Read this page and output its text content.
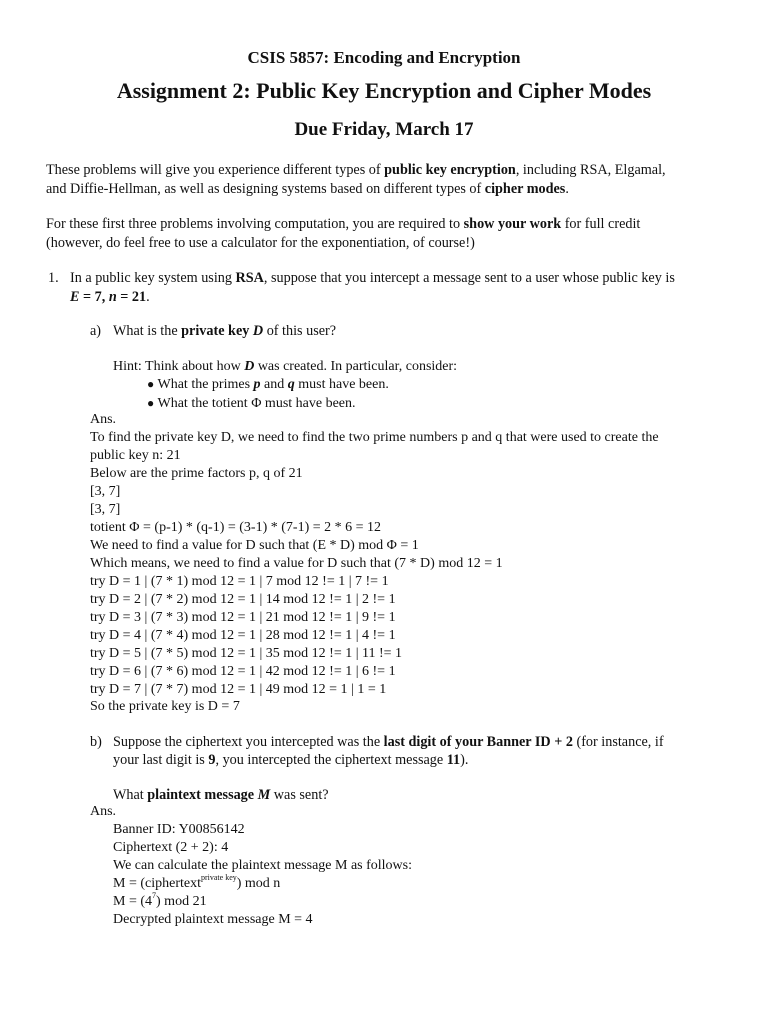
CSIS 5857: Encoding and Encryption
Assignment 2: Public Key Encryption and Cipher Modes
Due Friday, March 17
These problems will give you experience different types of public key encryption, including RSA, Elgamal,
and Diffie-Hellman, as well as designing systems based on different types of cipher modes.
For these first three problems involving computation, you are required to show your work for full credit
(however, do feel free to use a calculator for the exponentiation, of course!)
1. In a public key system using RSA, suppose that you intercept a message sent to a user whose public key is
E = 7, n = 21.
a) What is the private key D of this user?
Hint: Think about how D was created. In particular, consider:
● What the primes p and q must have been.
● What the totient Φ must have been.
Ans.
To find the private key D, we need to find the two prime numbers p and q that were used to create the
public key n: 21
Below are the prime factors p, q of 21
[3, 7]
[3, 7]
totient Φ = (p-1) * (q-1) = (3-1) * (7-1) = 2 * 6 = 12
We need to find a value for D such that (E * D) mod Φ = 1
Which means, we need to find a value for D such that (7 * D) mod 12 = 1
try D = 1 | (7 * 1) mod 12 = 1 | 7 mod 12 != 1 | 7 != 1
try D = 2 | (7 * 2) mod 12 = 1 | 14 mod 12 != 1 | 2 != 1
try D = 3 | (7 * 3) mod 12 = 1 | 21 mod 12 != 1 | 9 != 1
try D = 4 | (7 * 4) mod 12 = 1 | 28 mod 12 != 1 | 4 != 1
try D = 5 | (7 * 5) mod 12 = 1 | 35 mod 12 != 1 | 11 != 1
try D = 6 | (7 * 6) mod 12 = 1 | 42 mod 12 != 1 | 6 != 1
try D = 7 | (7 * 7) mod 12 = 1 | 49 mod 12 = 1 | 1 = 1
So the private key is D = 7
b) Suppose the ciphertext you intercepted was the last digit of your Banner ID + 2 (for instance, if
your last digit is 9, you intercepted the ciphertext message 11).
What plaintext message M was sent?
Ans.
Banner ID: Y00856142
Ciphertext (2 + 2): 4
We can calculate the plaintext message M as follows:
M = (ciphertext$^{private key}$) mod n
$M = (4^7)$ mod 21
Decrypted plaintext message M = 4
